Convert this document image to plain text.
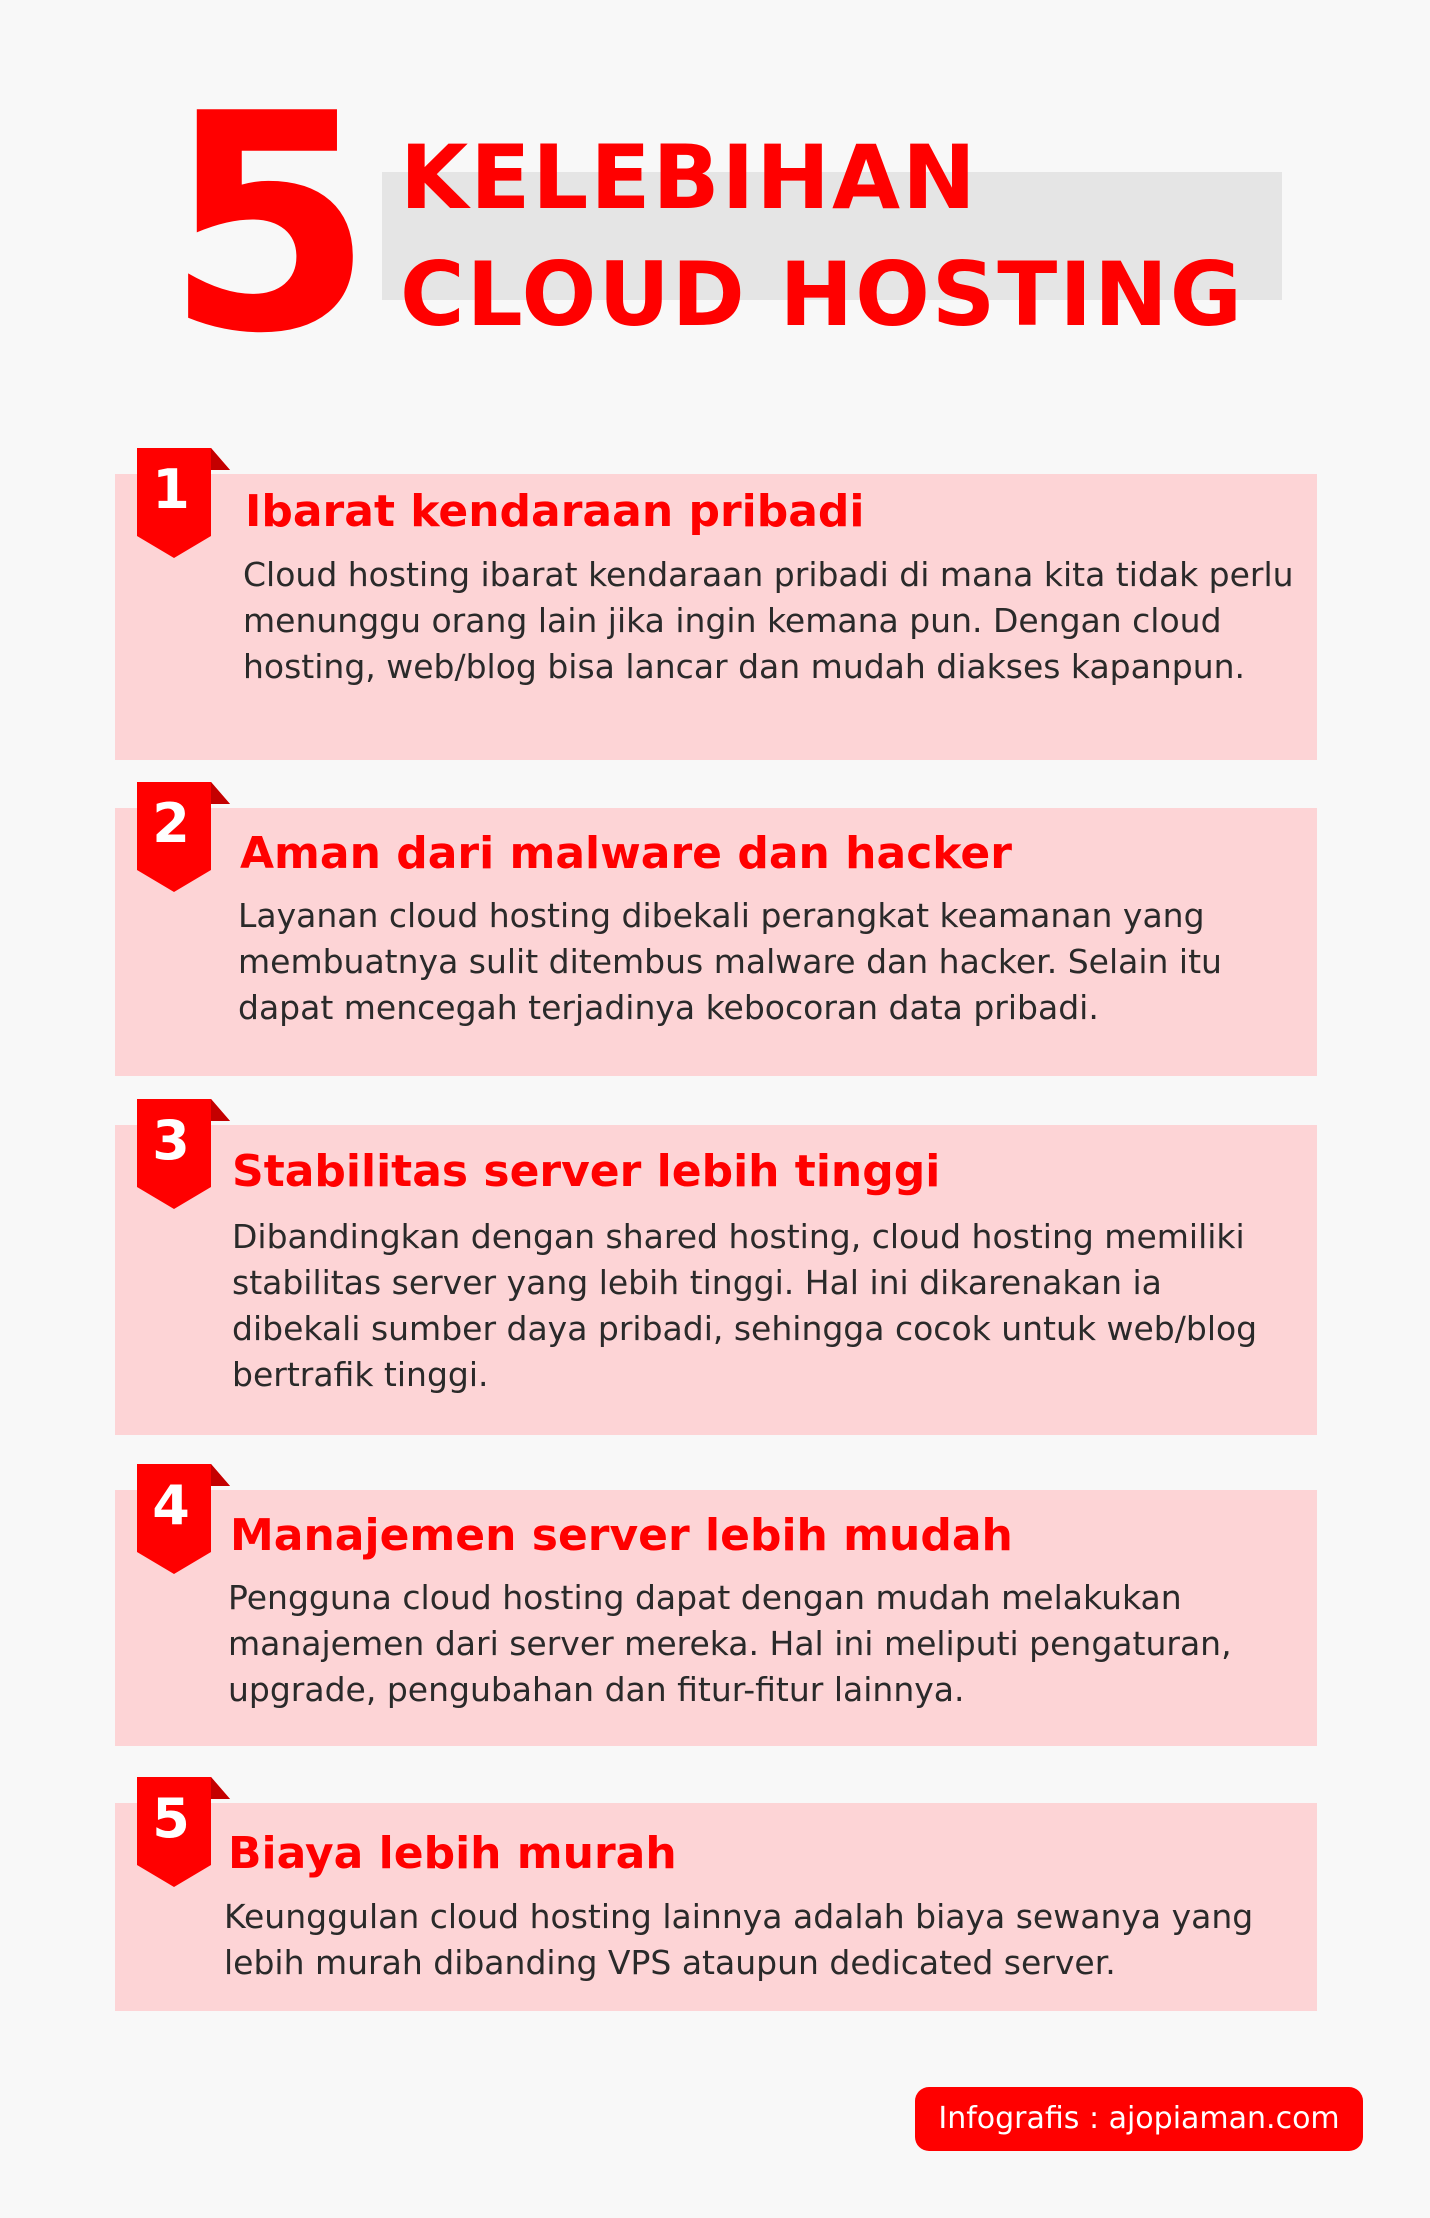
5 KELEBIHAN
CLOUD HOSTING
1	Ibarat kendaraan pribadi
Cloud hosting ibarat kendaraan pribadi di mana kita tidak perlu menunggu orang lain jika ingin kemana pun. Dengan cloud hosting, web/blog bisa lancar dan mudah diakses kapanpun.
2	Aman dari malware dan hacker
Layanan cloud hosting dibekali perangkat keamanan yang membuatnya sulit ditembus malware dan hacker. Selain itu dapat mencegah terjadinya kebocoran data pribadi.
3 Stabilitas server lebih tinggi
Dibandingkan dengan shared hosting, cloud hosting memiliki stabilitas server yang lebih tinggi. Hal ini dikarenakan ia dibekali sumber daya pribadi, sehingga cocok untuk web/blog bertrafik tinggi.
4 Manajemen server lebih mudah
Pengguna cloud hosting dapat dengan mudah melakukan manajemen dari server mereka. Hal ini meliputi pengaturan, upgrade, pengubahan dan fitur-fitur lainnya.
5
Biaya lebih murah
Keunggulan cloud hosting lainnya adalah biaya sewanya yang lebih murah dibanding VPS ataupun dedicated server.
Infografis : ajopiaman.com
